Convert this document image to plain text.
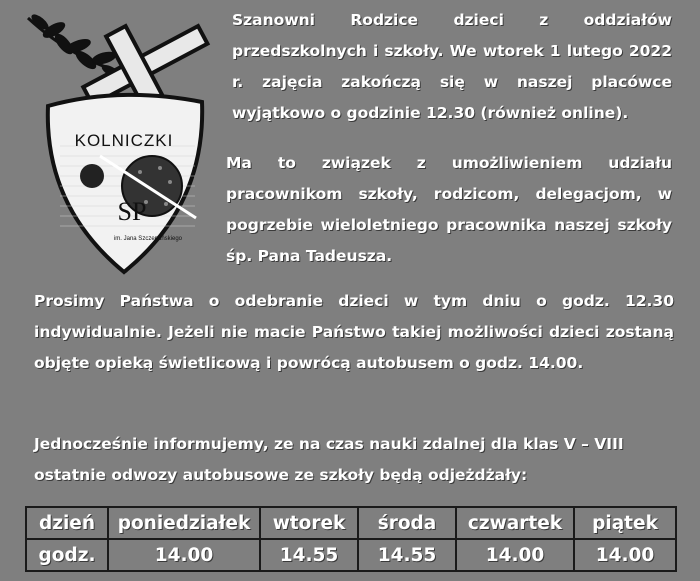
KOLNICZKI
SP
im. Jana Szczepańskiego

Szanowni Rodzice dzieci z oddziałów przedszkolnych i szkoły. We wtorek 1 lutego 2022 r. zajęcia zakończą się w naszej placówce wyjątkowo o godzinie 12.30 (również online).

Ma to związek z umożliwieniem udziału pracownikom szkoły, rodzicom, delegacjom, w pogrzebie wieloletniego pracownika naszej szkoły śp. Pana Tadeusza.

Prosimy Państwa o odebranie dzieci w tym dniu o godz. 12.30 indywidualnie. Jeżeli nie macie Państwo takiej możliwości dzieci zostaną objęte opieką świetlicową i powrócą autobusem o godz. 14.00.

Jednocześnie informujemy, ze na czas nauki zdalnej dla klas V – VIII ostatnie odwozy autobusowe ze szkoły będą odjeżdżały:

dzień	poniedziałek	wtorek	środa	czwartek	piątek
godz.	14.00	14.55	14.55	14.00	14.00
